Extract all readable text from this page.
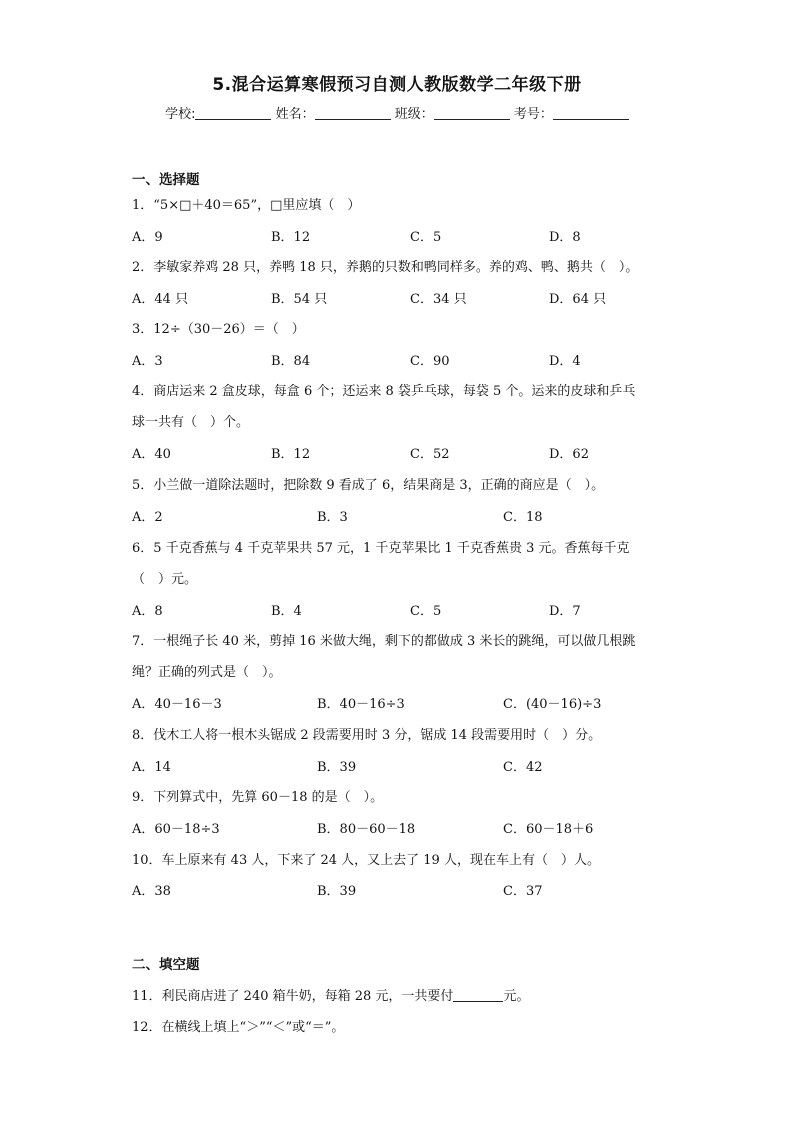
5.混合运算寒假预习自测人教版数学二年级下册
学校:	姓名：	班级：	考号：
一、选择题
1．“5×□＋40＝65”，□里应填（　）
A．9	B．12	C．5	D．8
2．李敏家养鸡 28 只，养鸭 18 只，养鹅的只数和鸭同样多。养的鸡、鸭、鹅共（　）。
A．44 只	B．54 只	C．34 只	D．64 只
3．12÷（30－26）＝（　）
A．3	B．84	C．90	D．4
4．商店运来 2 盒皮球，每盒 6 个；还运来 8 袋乒乓球，每袋 5 个。运来的皮球和乒乓
球一共有（　）个。
A．40	B．12	C．52	D．62
5．小兰做一道除法题时，把除数 9 看成了 6，结果商是 3，正确的商应是（　）。
A．2	B．3	C．18
6．5 千克香蕉与 4 千克苹果共 57 元，1 千克苹果比 1 千克香蕉贵 3 元。香蕉每千克
（　）元。
A．8	B．4	C．5	D．7
7．一根绳子长 40 米，剪掉 16 米做大绳，剩下的都做成 3 米长的跳绳，可以做几根跳
绳？正确的列式是（　）。
A．40－16－3	B．40－16÷3	C．(40－16)÷3
8．伐木工人将一根木头锯成 2 段需要用时 3 分，锯成 14 段需要用时（　）分。
A．14	B．39	C．42
9．下列算式中，先算 60－18 的是（　）。
A．60－18÷3	B．80－60－18	C．60－18＋6
10．车上原来有 43 人，下来了 24 人，又上去了 19 人，现在车上有（　）人。
A．38	B．39	C．37
二、填空题
11．利民商店进了 240 箱牛奶，每箱 28 元，一共要付	元。
12．在横线上填上“＞”“＜”或“＝”。
